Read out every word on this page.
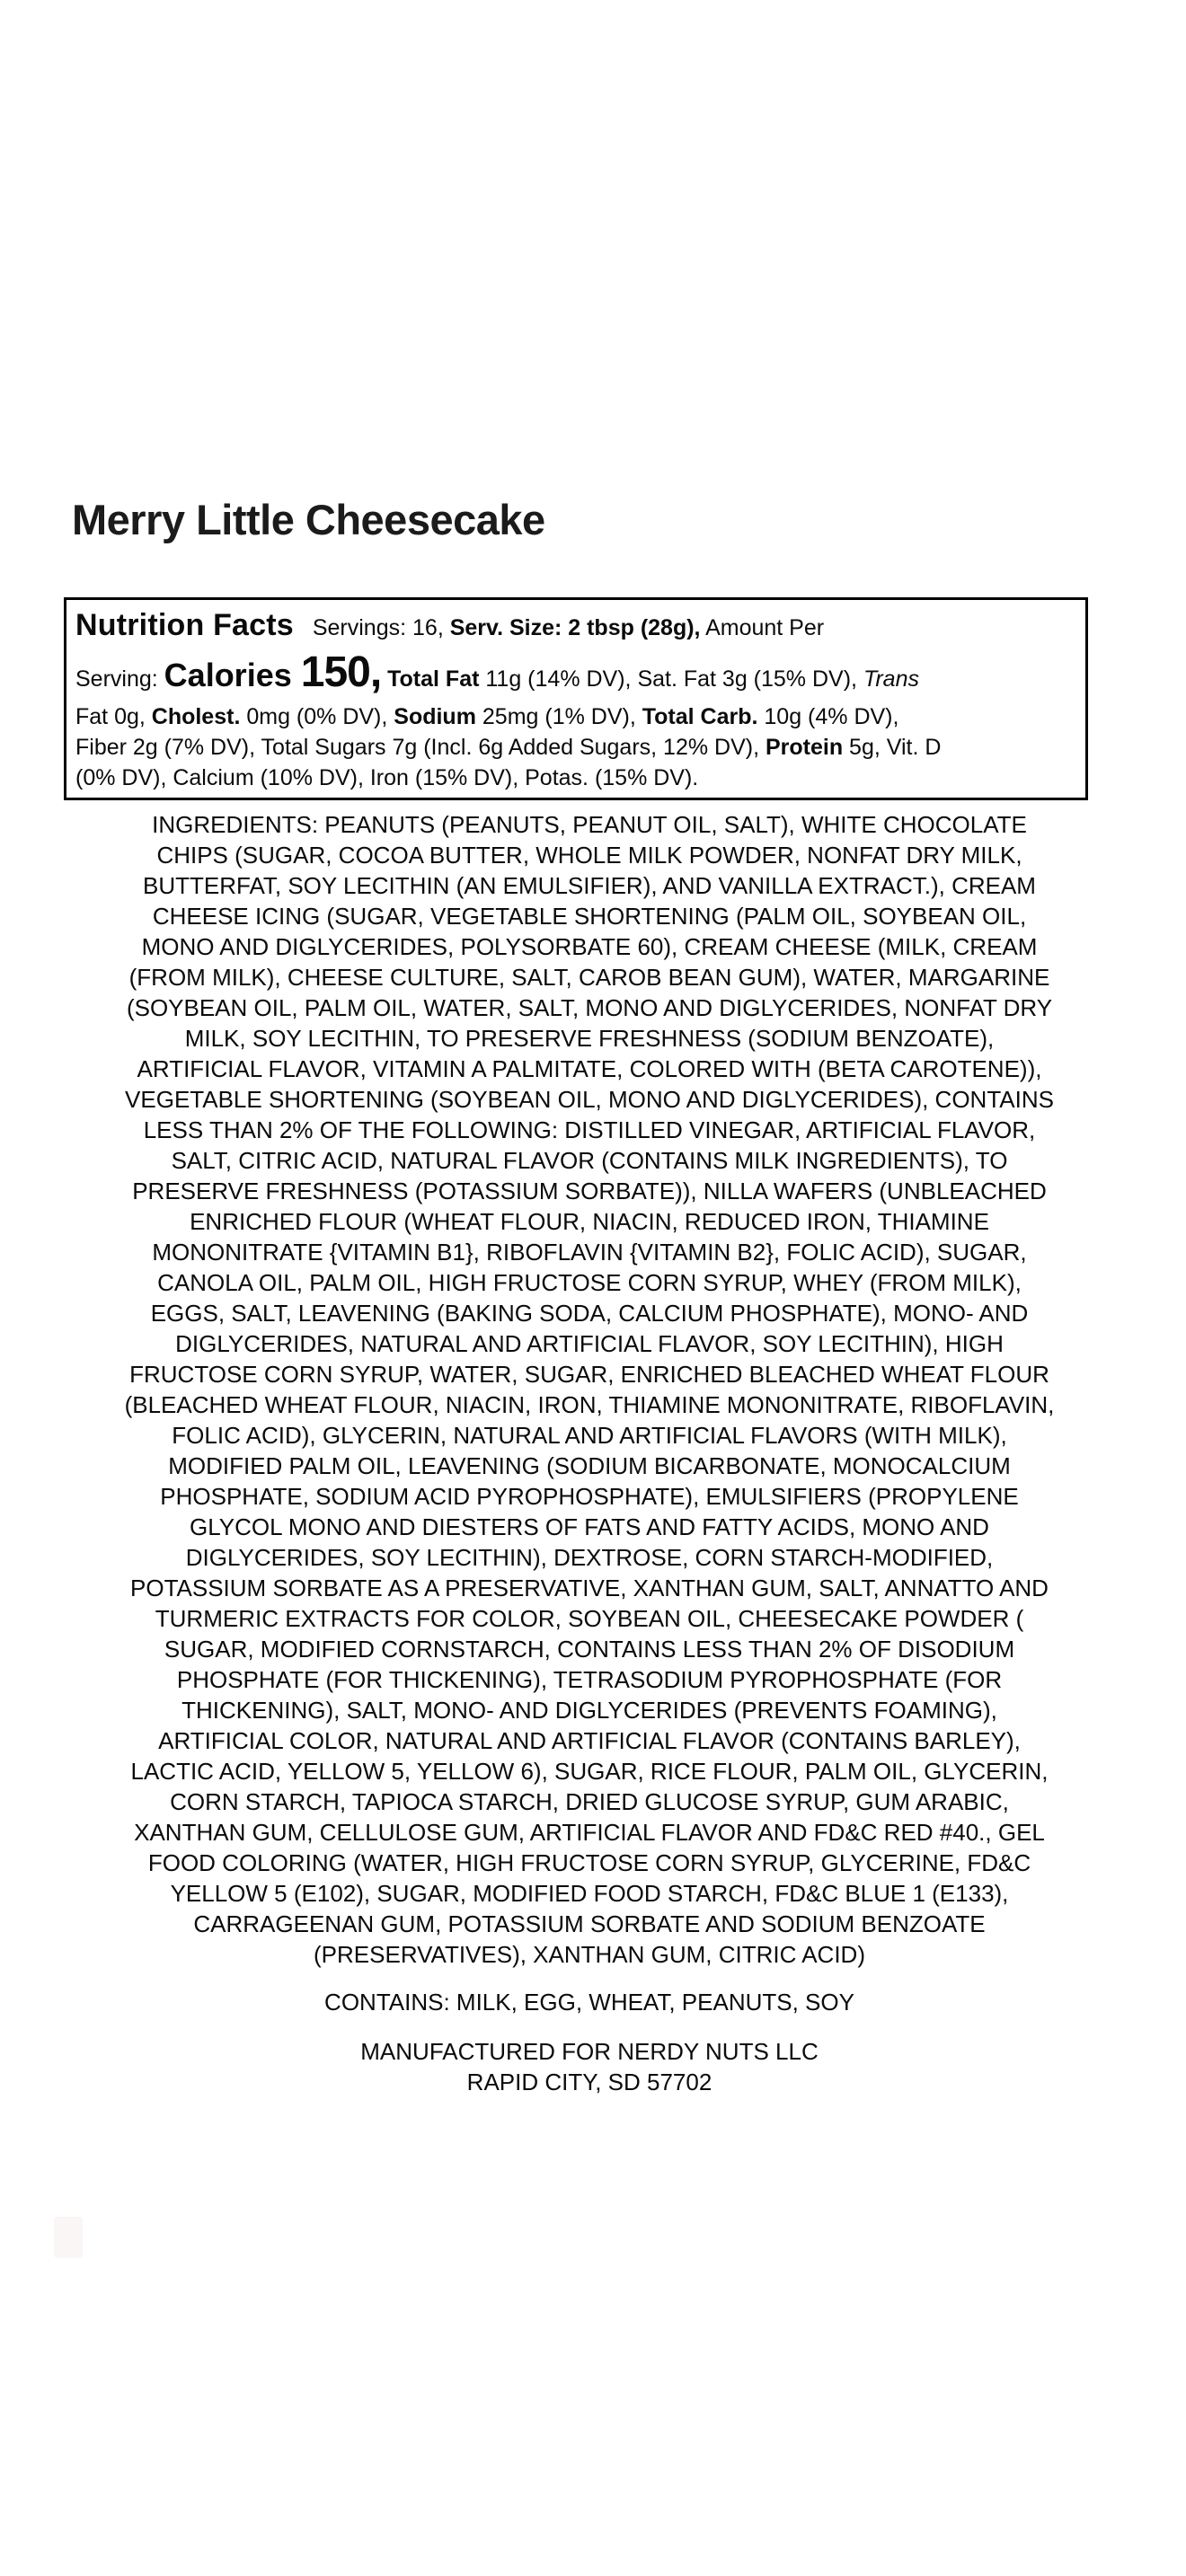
Merry Little Cheesecake
Nutrition Facts Servings: 16, Serv. Size: 2 tbsp (28g), Amount Per
Serving: Calories 150, Total Fat 11g (14% DV), Sat. Fat 3g (15% DV), Trans
Fat 0g, Cholest. 0mg (0% DV), Sodium 25mg (1% DV), Total Carb. 10g (4% DV),
Fiber 2g (7% DV), Total Sugars 7g (Incl. 6g Added Sugars, 12% DV), Protein 5g, Vit. D
(0% DV), Calcium (10% DV), Iron (15% DV), Potas. (15% DV).
INGREDIENTS: PEANUTS (PEANUTS, PEANUT OIL, SALT), WHITE CHOCOLATE
CHIPS (SUGAR, COCOA BUTTER, WHOLE MILK POWDER, NONFAT DRY MILK,
BUTTERFAT, SOY LECITHIN (AN EMULSIFIER), AND VANILLA EXTRACT.), CREAM
CHEESE ICING (SUGAR, VEGETABLE SHORTENING (PALM OIL, SOYBEAN OIL,
MONO AND DIGLYCERIDES, POLYSORBATE 60), CREAM CHEESE (MILK, CREAM
(FROM MILK), CHEESE CULTURE, SALT, CAROB BEAN GUM), WATER, MARGARINE
(SOYBEAN OIL, PALM OIL, WATER, SALT, MONO AND DIGLYCERIDES, NONFAT DRY
MILK, SOY LECITHIN, TO PRESERVE FRESHNESS (SODIUM BENZOATE),
ARTIFICIAL FLAVOR, VITAMIN A PALMITATE, COLORED WITH (BETA CAROTENE)),
VEGETABLE SHORTENING (SOYBEAN OIL, MONO AND DIGLYCERIDES), CONTAINS
LESS THAN 2% OF THE FOLLOWING: DISTILLED VINEGAR, ARTIFICIAL FLAVOR,
SALT, CITRIC ACID, NATURAL FLAVOR (CONTAINS MILK INGREDIENTS), TO
PRESERVE FRESHNESS (POTASSIUM SORBATE)), NILLA WAFERS (UNBLEACHED
ENRICHED FLOUR (WHEAT FLOUR, NIACIN, REDUCED IRON, THIAMINE
MONONITRATE {VITAMIN B1}, RIBOFLAVIN {VITAMIN B2}, FOLIC ACID), SUGAR,
CANOLA OIL, PALM OIL, HIGH FRUCTOSE CORN SYRUP, WHEY (FROM MILK),
EGGS, SALT, LEAVENING (BAKING SODA, CALCIUM PHOSPHATE), MONO- AND
DIGLYCERIDES, NATURAL AND ARTIFICIAL FLAVOR, SOY LECITHIN), HIGH
FRUCTOSE CORN SYRUP, WATER, SUGAR, ENRICHED BLEACHED WHEAT FLOUR
(BLEACHED WHEAT FLOUR, NIACIN, IRON, THIAMINE MONONITRATE, RIBOFLAVIN,
FOLIC ACID), GLYCERIN, NATURAL AND ARTIFICIAL FLAVORS (WITH MILK),
MODIFIED PALM OIL, LEAVENING (SODIUM BICARBONATE, MONOCALCIUM
PHOSPHATE, SODIUM ACID PYROPHOSPHATE), EMULSIFIERS (PROPYLENE
GLYCOL MONO AND DIESTERS OF FATS AND FATTY ACIDS, MONO AND
DIGLYCERIDES, SOY LECITHIN), DEXTROSE, CORN STARCH-MODIFIED,
POTASSIUM SORBATE AS A PRESERVATIVE, XANTHAN GUM, SALT, ANNATTO AND
TURMERIC EXTRACTS FOR COLOR, SOYBEAN OIL, CHEESECAKE POWDER (
SUGAR, MODIFIED CORNSTARCH, CONTAINS LESS THAN 2% OF DISODIUM
PHOSPHATE (FOR THICKENING), TETRASODIUM PYROPHOSPHATE (FOR
THICKENING), SALT, MONO- AND DIGLYCERIDES (PREVENTS FOAMING),
ARTIFICIAL COLOR, NATURAL AND ARTIFICIAL FLAVOR (CONTAINS BARLEY),
LACTIC ACID, YELLOW 5, YELLOW 6), SUGAR, RICE FLOUR, PALM OIL, GLYCERIN,
CORN STARCH, TAPIOCA STARCH, DRIED GLUCOSE SYRUP, GUM ARABIC,
XANTHAN GUM, CELLULOSE GUM, ARTIFICIAL FLAVOR AND FD&C RED #40., GEL
FOOD COLORING (WATER, HIGH FRUCTOSE CORN SYRUP, GLYCERINE, FD&C
YELLOW 5 (E102), SUGAR, MODIFIED FOOD STARCH, FD&C BLUE 1 (E133),
CARRAGEENAN GUM, POTASSIUM SORBATE AND SODIUM BENZOATE
(PRESERVATIVES), XANTHAN GUM, CITRIC ACID)
CONTAINS: MILK, EGG, WHEAT, PEANUTS, SOY
MANUFACTURED FOR NERDY NUTS LLC
RAPID CITY, SD 57702
